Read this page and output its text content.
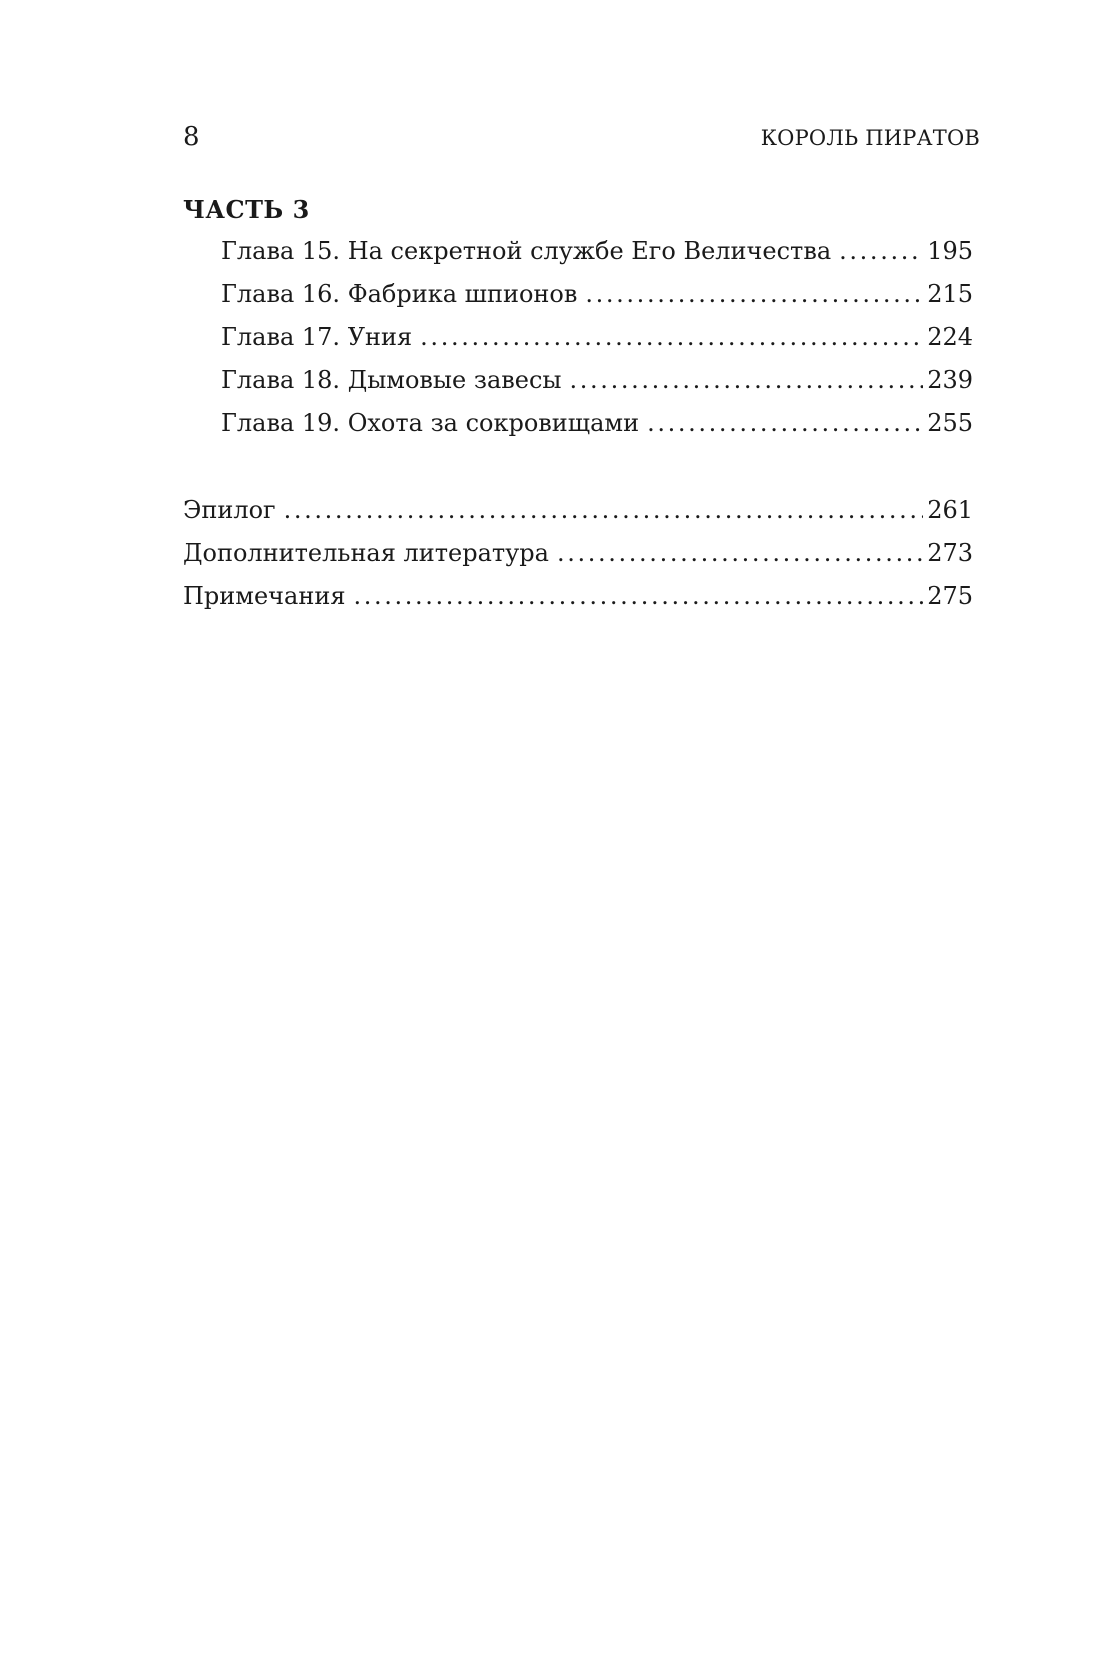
8	КОРОЛЬ ПИРАТОВ
ЧАСТЬ 3
Глава 15. На секретной службе Его Величества . . .	195
Глава 16. Фабрика шпионов . . .	215
Глава 17. Уния . . .	224
Глава 18. Дымовые завесы . . .	239
Глава 19. Охота за сокровищами . . .	255
Эпилог . . .	261
Дополнительная литература . . .	273
Примечания . . .	275
